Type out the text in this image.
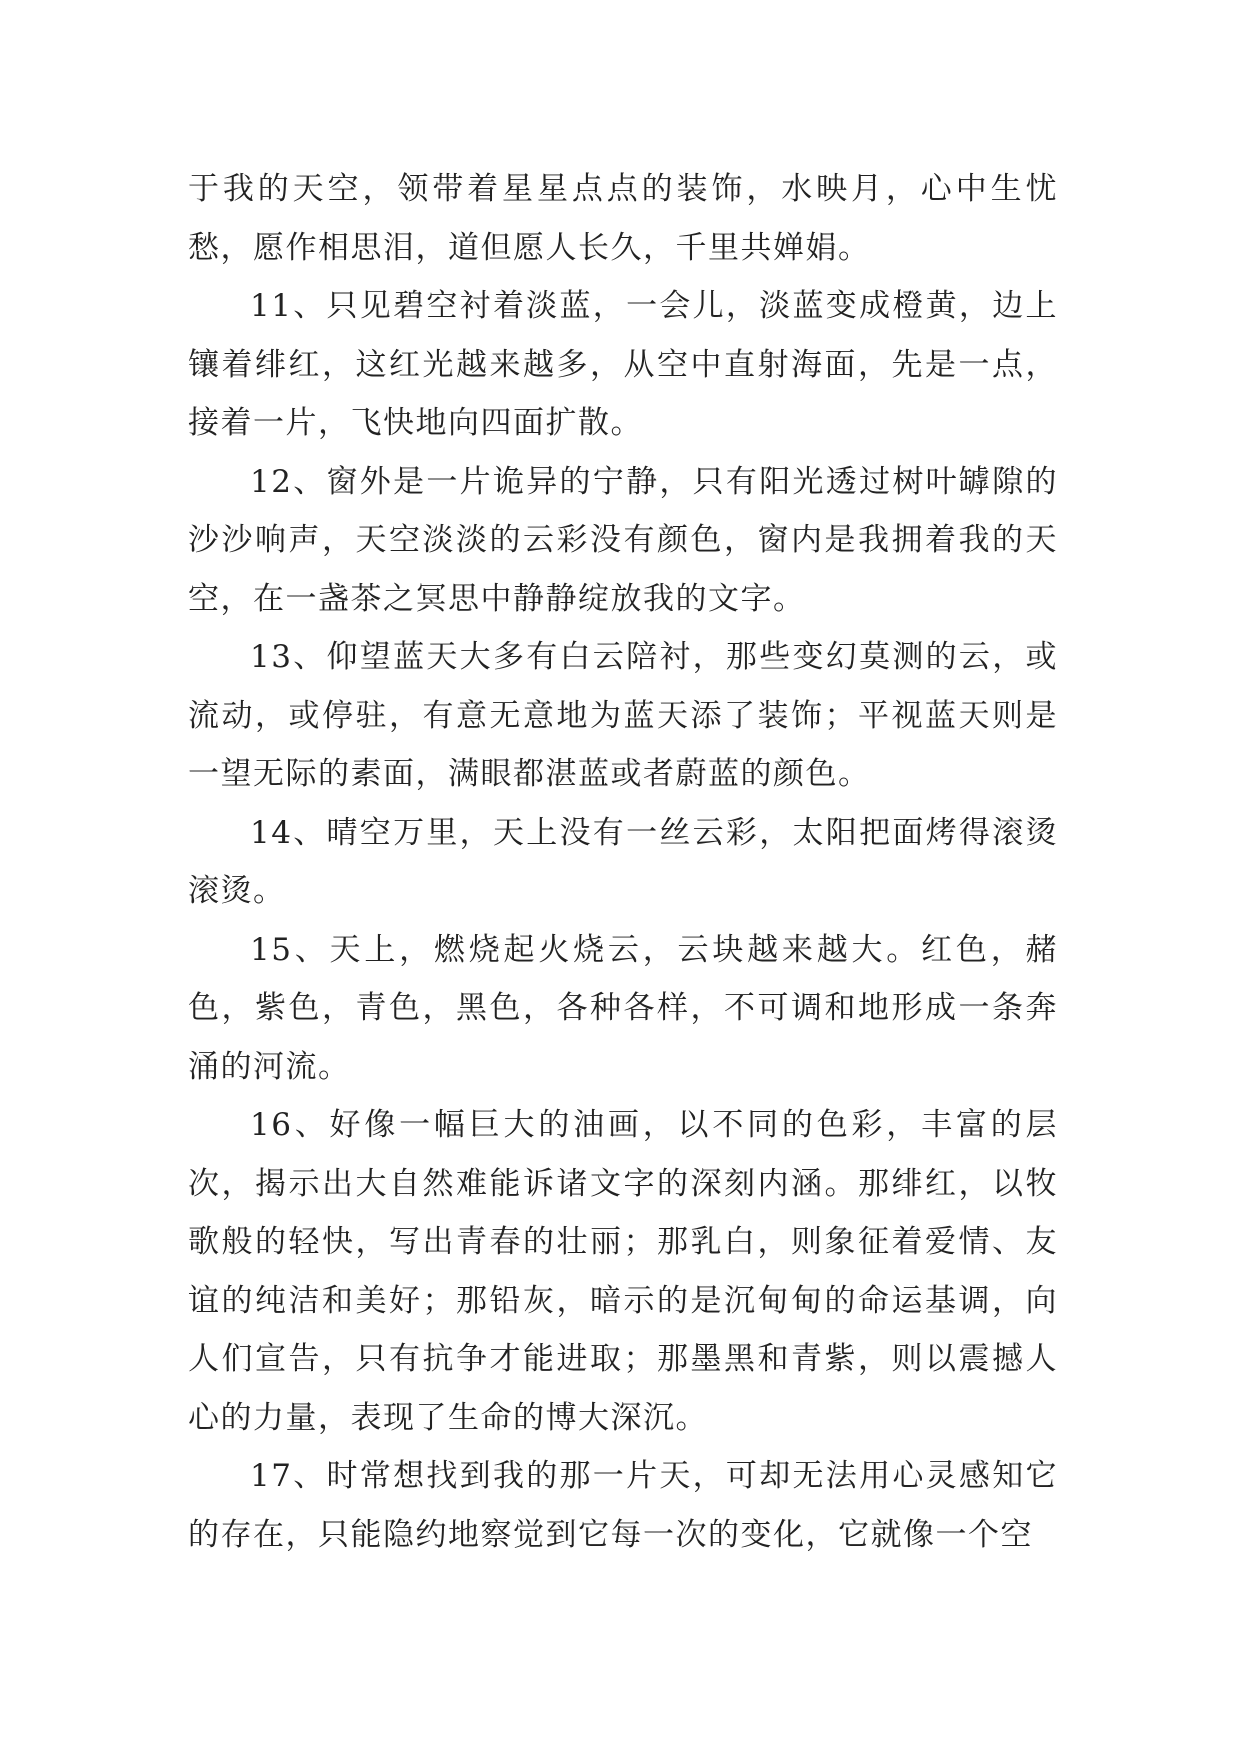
于我的天空，领带着星星点点的装饰，水映月，心中生忧愁，愿作相思泪，道但愿人长久，千里共婵娟。

11、只见碧空衬着淡蓝，一会儿，淡蓝变成橙黄，边上镶着绯红，这红光越来越多，从空中直射海面，先是一点，接着一片，飞快地向四面扩散。

12、窗外是一片诡异的宁静，只有阳光透过树叶罅隙的沙沙响声，天空淡淡的云彩没有颜色，窗内是我拥着我的天空，在一盏茶之冥思中静静绽放我的文字。

13、仰望蓝天大多有白云陪衬，那些变幻莫测的云，或流动，或停驻，有意无意地为蓝天添了装饰；平视蓝天则是一望无际的素面，满眼都湛蓝或者蔚蓝的颜色。

14、晴空万里，天上没有一丝云彩，太阳把面烤得滚烫滚烫。

15、天上，燃烧起火烧云，云块越来越大。红色，赭色，紫色，青色，黑色，各种各样，不可调和地形成一条奔涌的河流。

16、好像一幅巨大的油画，以不同的色彩，丰富的层次，揭示出大自然难能诉诸文字的深刻内涵。那绯红，以牧歌般的轻快，写出青春的壮丽；那乳白，则象征着爱情、友谊的纯洁和美好；那铅灰，暗示的是沉甸甸的命运基调，向人们宣告，只有抗争才能进取；那墨黑和青紫，则以震撼人心的力量，表现了生命的博大深沉。

17、时常想找到我的那一片天，可却无法用心灵感知它的存在，只能隐约地察觉到它每一次的变化，它就像一个空
